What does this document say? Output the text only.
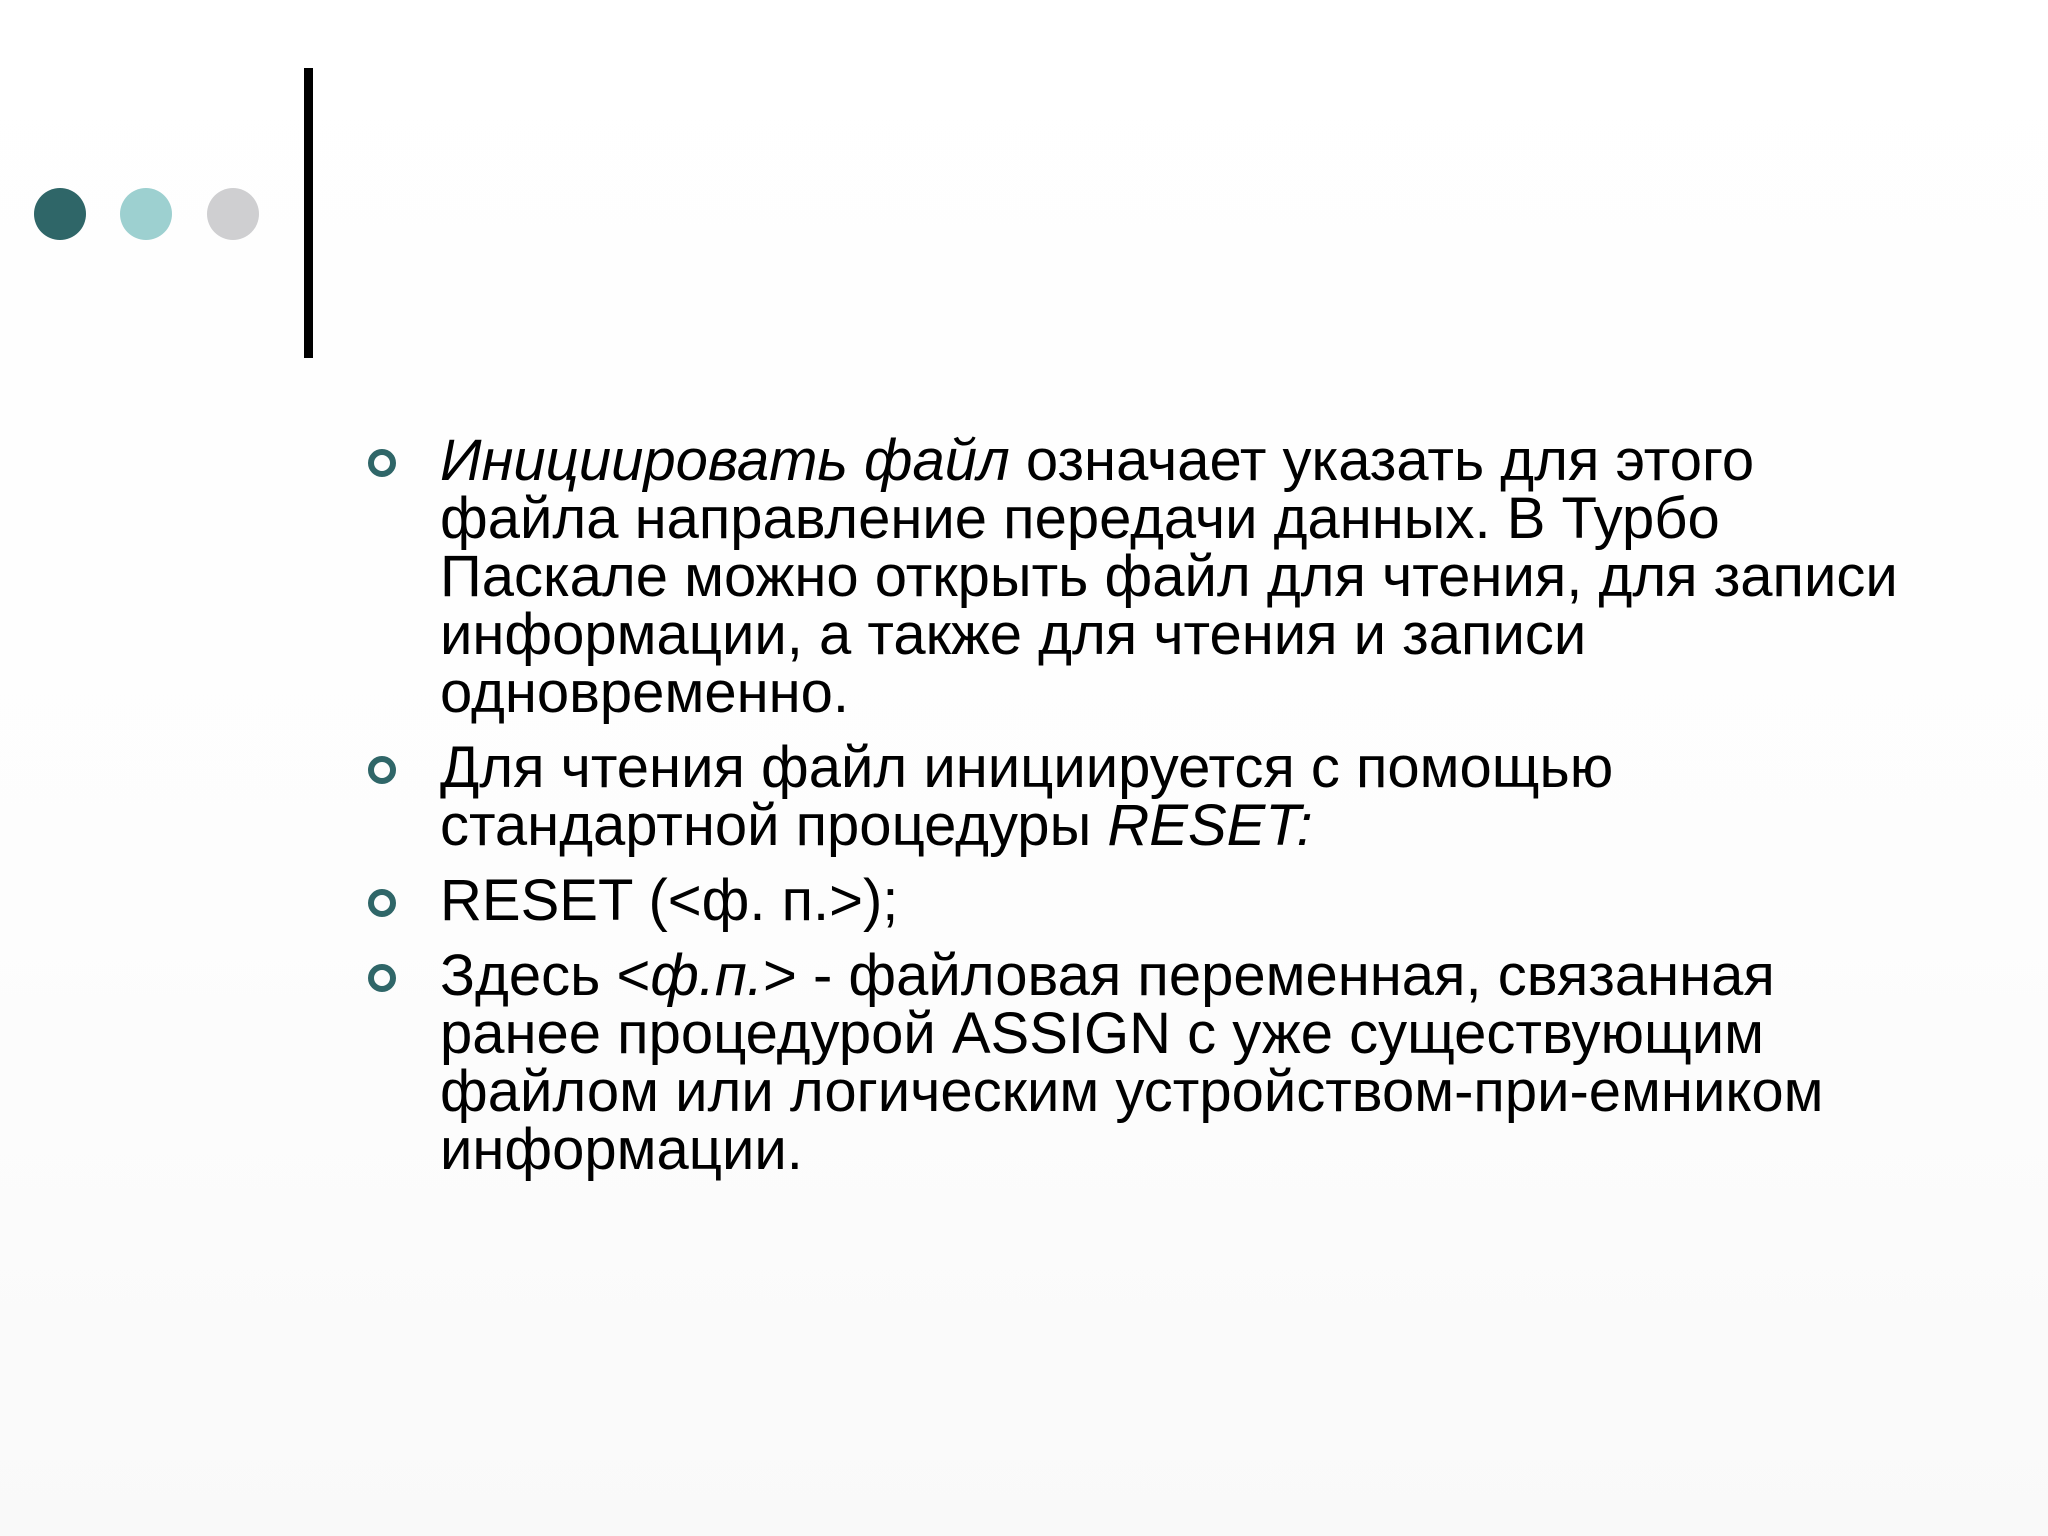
Инициировать файл означает указать для этого файла направление передачи данных. В Турбо Паскале можно открыть файл для чтения, для записи информации, а также для чтения и записи одновременно.
Для чтения файл инициируется с помощью стандартной процедуры RESET:
RESET (<ф. п.>);
Здесь <ф.п.> - файловая переменная, связанная ранее процедурой ASSIGN с уже существующим файлом или логическим устройством-при-емником информации.
